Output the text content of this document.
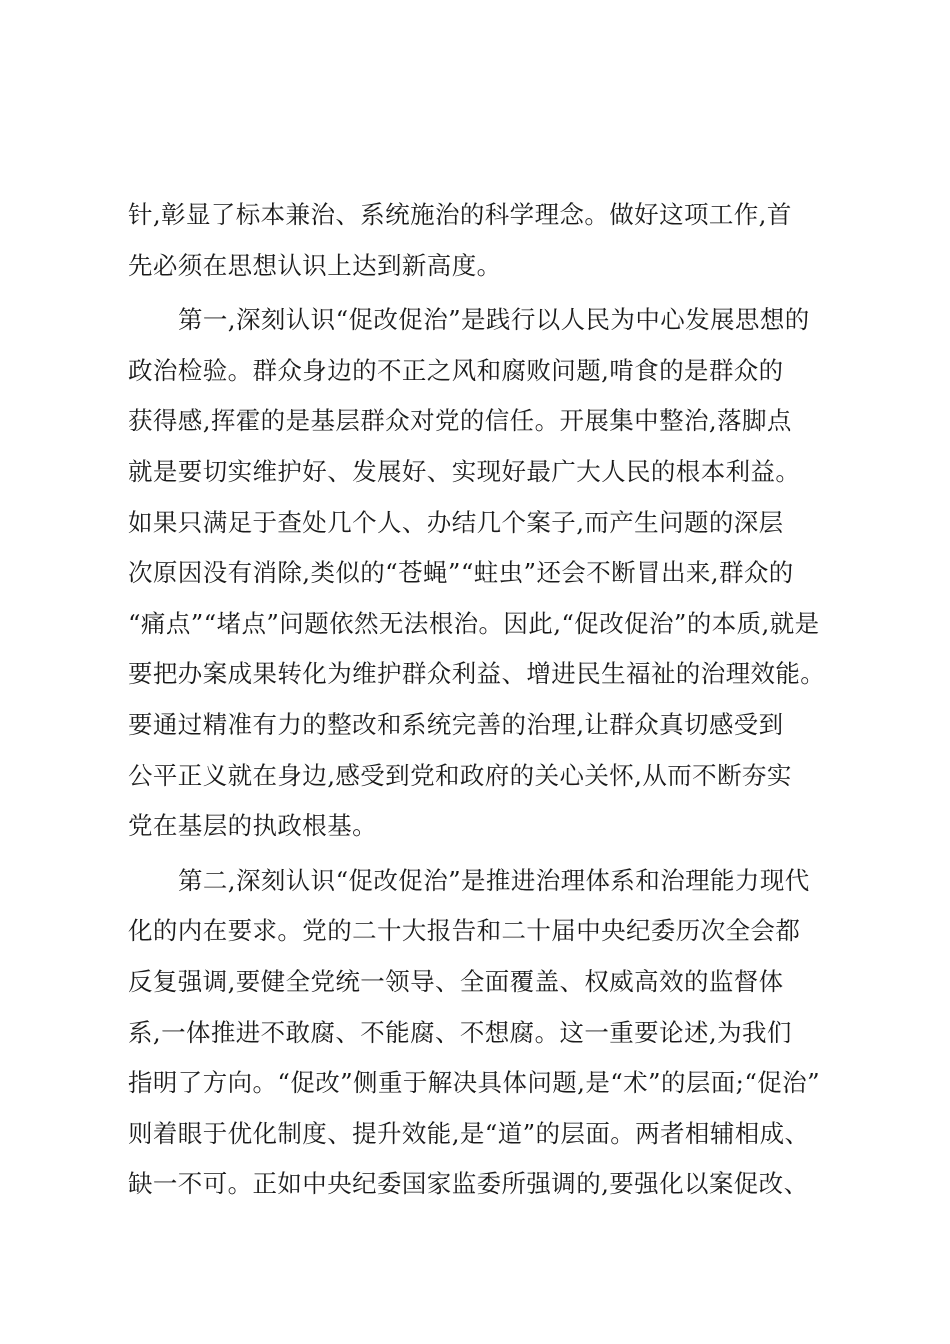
针,彰显了标本兼治、系统施治的科学理念。做好这项工作,首
先必须在思想认识上达到新高度。
第一,深刻认识“促改促治”是践行以人民为中心发展思想的
政治检验。群众身边的不正之风和腐败问题,啃食的是群众的
获得感,挥霍的是基层群众对党的信任。开展集中整治,落脚点
就是要切实维护好、发展好、实现好最广大人民的根本利益。
如果只满足于查处几个人、办结几个案子,而产生问题的深层
次原因没有消除,类似的“苍蝇”“蛀虫”还会不断冒出来,群众的
“痛点”“堵点”问题依然无法根治。因此,“促改促治”的本质,就是
要把办案成果转化为维护群众利益、增进民生福祉的治理效能。
要通过精准有力的整改和系统完善的治理,让群众真切感受到
公平正义就在身边,感受到党和政府的关心关怀,从而不断夯实
党在基层的执政根基。
第二,深刻认识“促改促治”是推进治理体系和治理能力现代
化的内在要求。党的二十大报告和二十届中央纪委历次全会都
反复强调,要健全党统一领导、全面覆盖、权威高效的监督体
系,一体推进不敢腐、不能腐、不想腐。这一重要论述,为我们
指明了方向。“促改”侧重于解决具体问题,是“术”的层面;“促治”
则着眼于优化制度、提升效能,是“道”的层面。两者相辅相成、
缺一不可。正如中央纪委国家监委所强调的,要强化以案促改、
